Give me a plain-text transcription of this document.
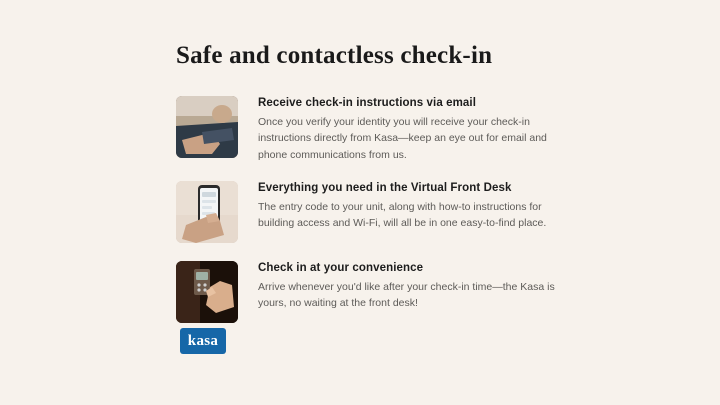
Safe and contactless check-in
Receive check-in instructions via email
Once you verify your identity you will receive your check-in instructions directly from Kasa—keep an eye out for email and phone communications from us.
Everything you need in the Virtual Front Desk
The entry code to your unit, along with how-to instructions for building access and Wi-Fi, will all be in one easy-to-find place.
Check in at your convenience
Arrive whenever you'd like after your check-in time—the Kasa is yours, no waiting at the front desk!
kasa
